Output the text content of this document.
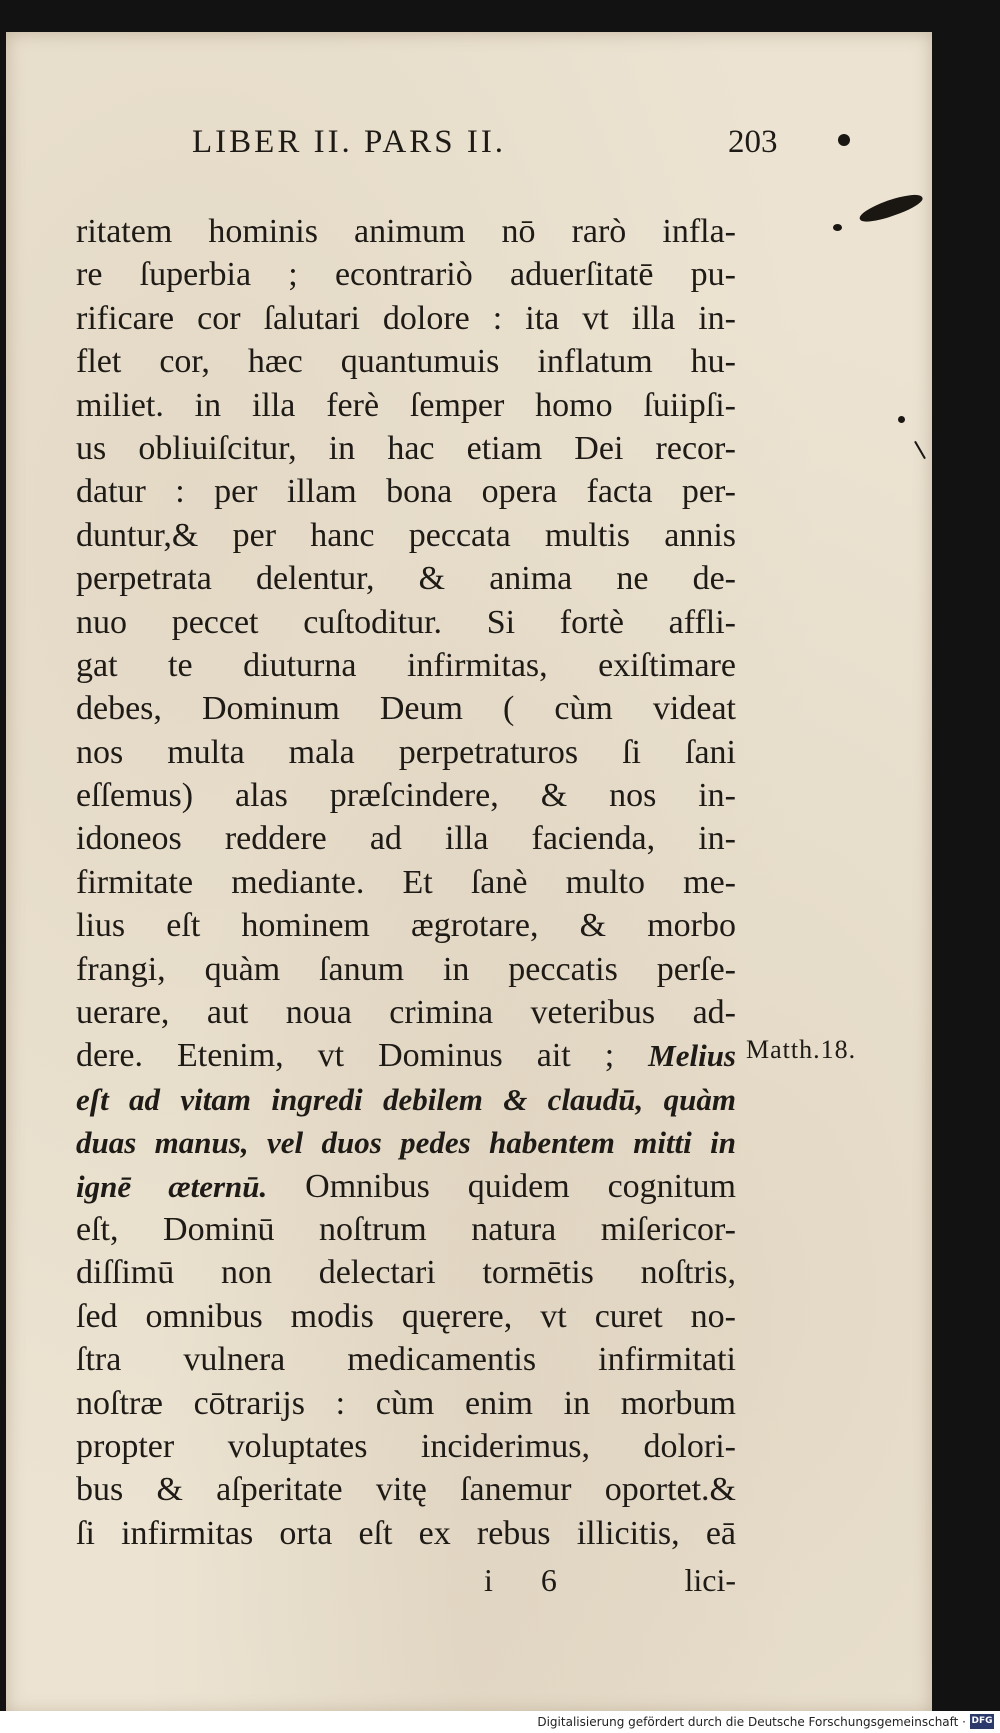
LIBER II. PARS II.	203
ritatem hominis animum nō rarò infla-
re ſuperbia ; econtrariò aduerſitatē pu-
rificare cor ſalutari dolore : ita vt illa in-
flet cor, hæc quantumuis inflatum hu-
miliet. in illa ferè ſemper homo ſuiipſi-
us obliuiſcitur, in hac etiam Dei recor-
datur : per illam bona opera facta per-
duntur,& per hanc peccata multis annis
perpetrata delentur, & anima ne de-
nuo peccet cuſtoditur. Si fortè affli-
gat te diuturna infirmitas, exiſtimare
debes, Dominum Deum ( cùm videat
nos multa mala perpetraturos ſi ſani
eſſemus) alas præſcindere, & nos in-
idoneos reddere ad illa facienda, in-
firmitate mediante. Et ſanè multo me-
lius eſt hominem ægrotare, & morbo
frangi, quàm ſanum in peccatis perſe-
uerare, aut noua crimina veteribus ad-
dere. Etenim, vt Dominus ait ; Melius
eſt ad vitam ingredi debilem & claudū, quàm
duas manus, vel duos pedes habentem mitti in
ignē æternū. Omnibus quidem cognitum
eſt, Dominū noſtrum natura miſericor-
diſſimū non delectari tormētis noſtris,
ſed omnibus modis quęrere, vt curet no-
ſtra vulnera medicamentis infirmitati
noſtræ cōtrarijs : cùm enim in morbum
propter voluptates inciderimus, dolori-
bus & aſperitate vitę ſanemur oportet.&
ſi infirmitas orta eſt ex rebus illicitis, eā
Matth.18.
i 6	lici-
Digitalisierung gefördert durch die Deutsche Forschungsgemeinschaft · DFG
